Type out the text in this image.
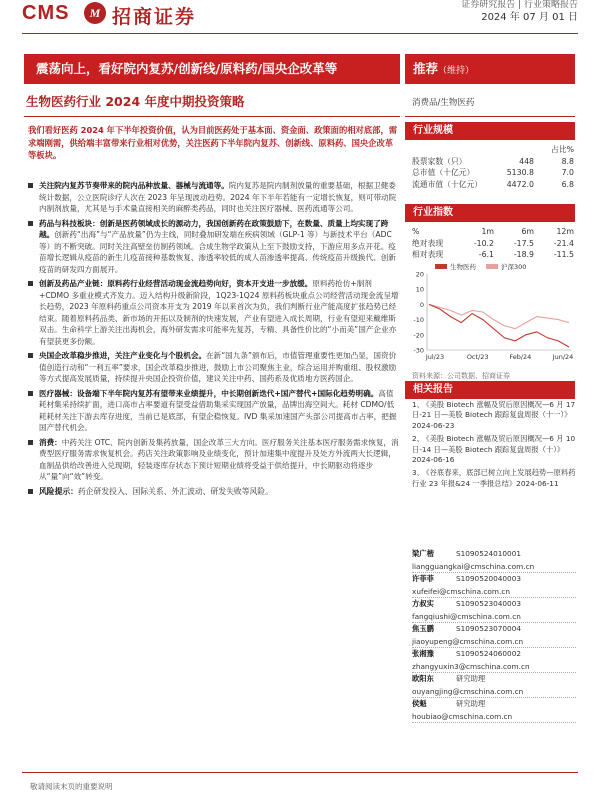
CMS	M 招商证券
证券研究报告 | 行业策略报告
2024 年 07 月 01 日
震荡向上，看好院内复苏/创新线/原料药/国央企改革等	推荐（维持）
生物医药行业 2024 年度中期投资策略	消费品/生物医药
我们看好医药 2024 年下半年投资价值，认为目前医药处于基本面、资金面、政策面的相对底部，需求端刚需，供给端丰富带来行业相对优势，关注医药下半年院内复苏、创新线、原料药、国央企改革等板块。
关注院内复苏节奏带来的院内品种放量、器械与流通等。院内复苏是院内制剂放量的重要基础，根据卫健委统计数据，公立医院诊疗人次在 2023 年呈现波动趋势。2024 年下半年若能有一定增长恢复，则可带动院内制剂放量，尤其是与手术量直接相关的麻醉类药品，同时也关注医疗器械、医药流通等公司。
药品与科技板块：创新是医药领域成长的源动力，我国创新药在政策鼓励下，在数量、质量上均实现了跨越。创新药“出海”与“产品放量”仍为主线，同时叠加研发端在疾病领域（GLP-1 等）与新技术平台（ADC 等）的不断突破。同时关注高壁垒仿制药领域。合成生物学政策从上至下鼓励支持，下游应用多点开花。疫苗增长逻辑从疫苗的新生儿疫苗接种基数恢复、渗透率较低的成人苗渗透率提高、传统疫苗升级换代、创新疫苗的研发四方面展开。
创新及药品产业链：原料药行业经营活动现金流趋势向好，资本开支进一步放缓。原料药抢仿+制剂+CDMO 多重业模式齐发力。迈入结构升级新阶段，1Q23-1Q24 原料药板块重点公司经营活动现金流呈增长趋势，2023 年原料药重点公司资本开支为 2019 年以来首次为负，我们判断行业产能高度扩张趋势已经结束。随着原料药品类、新市场的开拓以及制剂的快速发展，产业有望进入成长周期，行业有望迎来戴维斯双击。生命科学上游关注出海机会，海外研发需求可能率先复苏，专精、具备性价比的“小而美”国产企业亦有望获更多份额。
央国企改革稳步推进，关注产业变化与个股机会。在新“国九条”颁布后，市值管理重要性更加凸显，国资价值创造行动和“一利五率”要求，国企改革稳步推进，鼓励上市公司聚焦主业，综合运用并购重组、股权激励等方式提高发展质量，持续提升央国企投资价值，建议关注中药、国药系及优质地方医药国企。
医疗器械：设备端下半年院内复苏有望带来业绩提升，中长期创新迭代+国产替代+国际化趋势明确。高值耗材集采持续扩面，进口高市占率要道有望受益借助集采实现国产放量，品牌出海空间大。耗材 CDMO/低耗耗材关注下游去库存进度，当前已是底部，有望企稳恢复。IVD 集采加速国产头部公司提高市占率，把握国产替代机会。
消费：中药关注 OTC、院内创新及集药放量，国企改革三大方向。医疗服务关注基本医疗服务需求恢复，消费型医疗服务需求恢复机会。药店关注政策影响及业绩变化，预计加速集中度提升及处方外流两大长逻辑，血制品供给改善进入兑现期，轻装逐库存状态下预计短期业绩将受益于供给提升，中长期驱动将逐步从“量”向“效”转变。
风险提示：药企研发投入、国际关系、外汇波动、研发失败等风险。
行业规模
占比%
股票家数（只）	448	8.8
总市值（十亿元）	5130.8	7.0
流通市值（十亿元）	4472.0	6.8
行业指数
%	1m	6m	12m
绝对表现	-10.2	-17.5	-21.4
相对表现	-6.1	-18.9	-11.5
20
10
0
-10
-20
-30
Jul/23	Oct/23	Feb/24	Jun/24
生物医药	沪深300
资料来源：公司数据、招商证券
相关报告
1、 《美股 Biotech 涨幅及贸后原因概况—6 月 17 日-21 日—美股 Biotech 跟踪复盘周报（十一）》2024-06-23
2、 《美股 Biotech 涨幅及贸后原因概况—6 月 10 日-14 日—美股 Biotech 跟踪复盘周报（十）》2024-06-16
3、 《谷底春来，底部已树立向上发展趋势—原料药行业 23 年报&24 一季报总结》2024-06-11
梁广楷	S1090524010001
liangguangkai@cmschina.com.cn
许菲菲	S1090520040003
xufeifei@cmschina.com.cn
方叔实	S1090523040003
fangqiushi@cmschina.com.cn
焦玉鹏	S1090523070004
jiaoyupeng@cmschina.com.cn
张湘豫	S1090524060002
zhangyuxin3@cmschina.com.cn
欧阳东	研究助理
ouyangjing@cmschina.com.cn
侯魁	研究助理
houbiao@cmschina.com.cn
敬请阅读末页的重要说明
